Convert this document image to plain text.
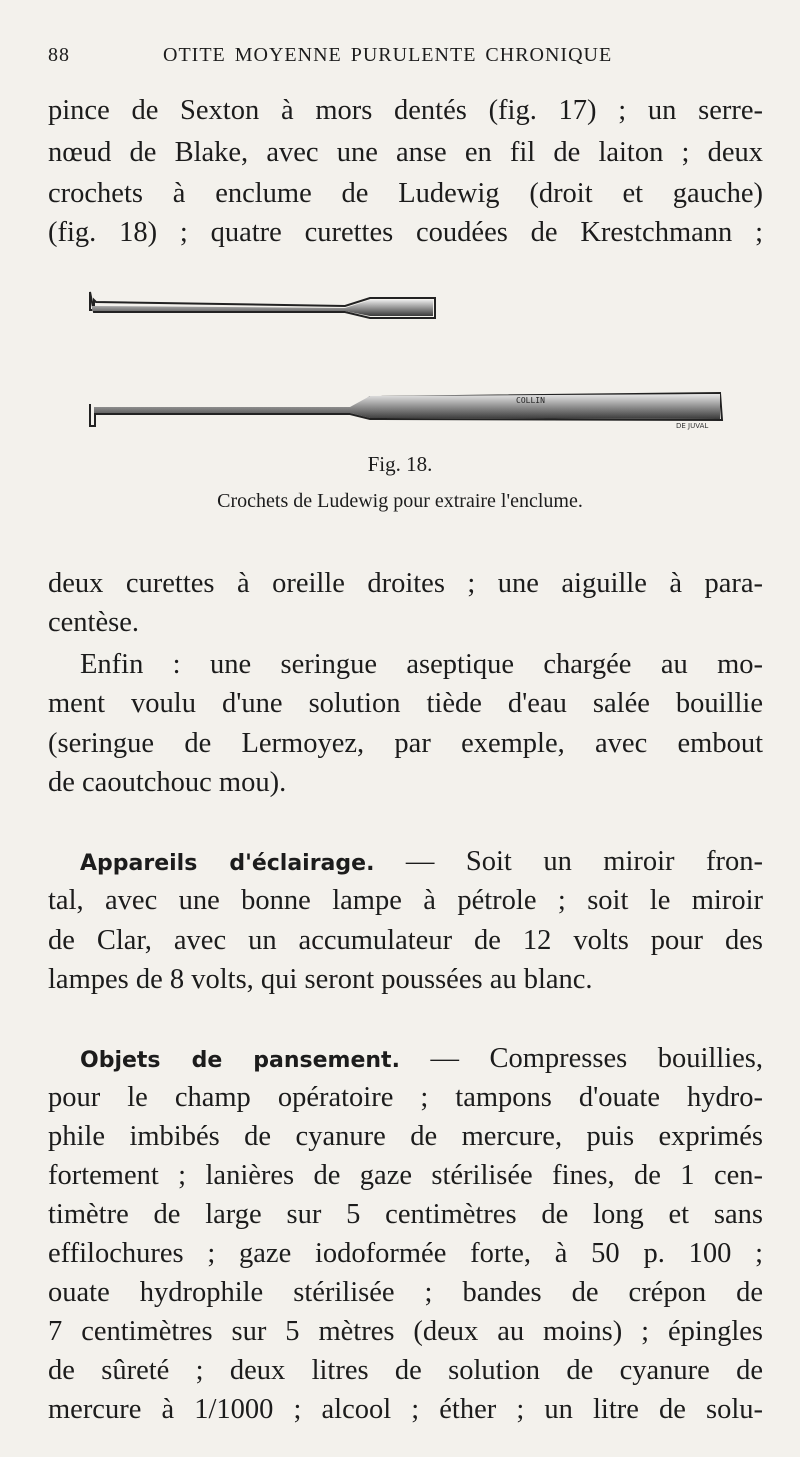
88	OTITE MOYENNE PURULENTE CHRONIQUE
pince de Sexton à mors dentés (fig. 17) ; un serre-
nœud de Blake, avec une anse en fil de laiton ; deux
crochets à enclume de Ludewig (droit et gauche)
(fig. 18) ; quatre curettes coudées de Krestchmann ;
COLLIN
DE JUVAL
Fig. 18.
Crochets de Ludewig pour extraire l'enclume.
deux curettes à oreille droites ; une aiguille à para-
centèse.
Enfin : une seringue aseptique chargée au mo-
ment voulu d'une solution tiède d'eau salée bouillie
(seringue de Lermoyez, par exemple, avec embout
de caoutchouc mou).
Appareils d'éclairage. — Soit un miroir fron-
tal, avec une bonne lampe à pétrole ; soit le miroir
de Clar, avec un accumulateur de 12 volts pour des
lampes de 8 volts, qui seront poussées au blanc.
Objets de pansement. — Compresses bouillies,
pour le champ opératoire ; tampons d'ouate hydro-
phile imbibés de cyanure de mercure, puis exprimés
fortement ; lanières de gaze stérilisée fines, de 1 cen-
timètre de large sur 5 centimètres de long et sans
effilochures ; gaze iodoformée forte, à 50 p. 100 ;
ouate hydrophile stérilisée ; bandes de crépon de
7 centimètres sur 5 mètres (deux au moins) ; épingles
de sûreté ; deux litres de solution de cyanure de
mercure à 1/1000 ; alcool ; éther ; un litre de solu-
